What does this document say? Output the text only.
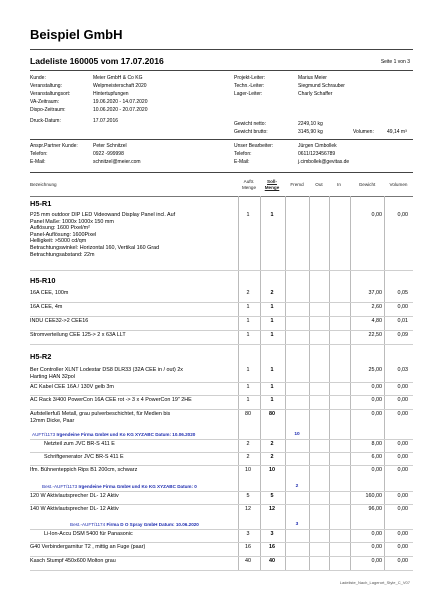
Beispiel GmbH
Ladeliste 160005 vom 17.07.2016	Seite 1 von 3
Kunde:	Meier GmbH & Co KG
Veranstaltung:	Welpmeisterschaft 2020
Veranstaltungsort:	Hintertupfungen
VA-Zeitraum:	19.06.2020 - 14.07.2020
Dispo-Zeitraum:	10.06.2020 - 20.07.2020
Druck-Datum:	17.07.2016
Projekt-Leiter:	Marius Meier
Techn.-Leiter:	Siegmund Schrauber
Lager-Leiter:	Charly Schaffer
Gewicht netto:	2249,10 kg
Gewicht brutto:	3145,90 kg	Volumen:	49,14 m³
Anspr.Partner Kunde:	Peter Schnitzel
Telefon:	0922 -999998
E-Mail:	schnitzel@meier.com
Unser Bearbeiter:	Jürgen Cimbollek
Telefon:	0611/123456789
E-Mail:	j.cimbollek@gevitas.de
Bezeichnung
Auftr. Menge
Soll-Menge
Fremd	Out	In	Gewicht	Volumen
H5-R1
P25 mm outdoor DIP LED Videowand Display Panel incl. Auf
Panel Maße: 1000x 1000x 150 mm
Auflösung: 1600 Pixel/m²
Panel-Auflösung: 1600Pixel
Helligkeit: >5000 cd/qm
Betrachtungswinkel: Horizontal 160, Vertikal 160 Grad
Betrachtungsabstand: 22m
1	1	0,00	0,00
H5-R10
16A CEE, 100m	2	2	37,00	0,05
16A CEE, 4m	1	1	2,60	0,00
INDU CEE32->2 CEE16	1	1	4,80	0,01
Stromverteilung CEE 125-> 2 x 63A LLT	1	1	22,50	0,09
H5-R2
Ber Controller XLNT Lodestar DS8 DLR33 (32A CEE in / out) 2x
Harting HAN 32pol
1	1	25,00	0,03
AC Kabel CEE 16A / 130V gelb 3m	1	1	0,00	0,00
AC Rack 3/400 PowerCon 16A CEE rot -> 3 x 4 PowerCon 19" 2HE	1	1	0,00	0,00
Aufstellerfuß Metall, grau pulverbeschichtet, für Medien bis
12mm Dicke, Paar
80	80	0,00	0,00
AUFT/1173 Irgendeine Firma GmbH und Ko KG XYZABC Datum: 10.06.2020	10
Netzteil zum JVC BR-S 411 E	2	2	8,00	0,00
Schriftgenerator JVC BR-S 411 E	2	2	6,00	0,00
Ifm. Bühnenteppich Rips B1 200cm, schwarz	10	10	0,00	0,00
Best.-AUFT/1173 Irgendeine Firma GmbH und Ko KG XYZABC Datum: 0	2
120 W Aktivlautsprecher DL- 12 Aktiv	5	5	160,00	0,00
140 W Aktivlautsprecher DL- 12 Aktiv	12	12	96,00	0,00
Best.-AUFT/1174 Firma D O Spray GmbH Datum: 10.06.2020	3
Li-Ion-Accu DSM 5400 für Panasonic	3	3	0,00	0,00
G40 Verbindergarnitur T2 , mittig an Fuge (paar)	16	16	0,00	0,00
Kasch Stumpf 450x600 Molton grau	40	40	0,00	0,00
Ladeliste_Nach_Lagerort_Style_C_V07
